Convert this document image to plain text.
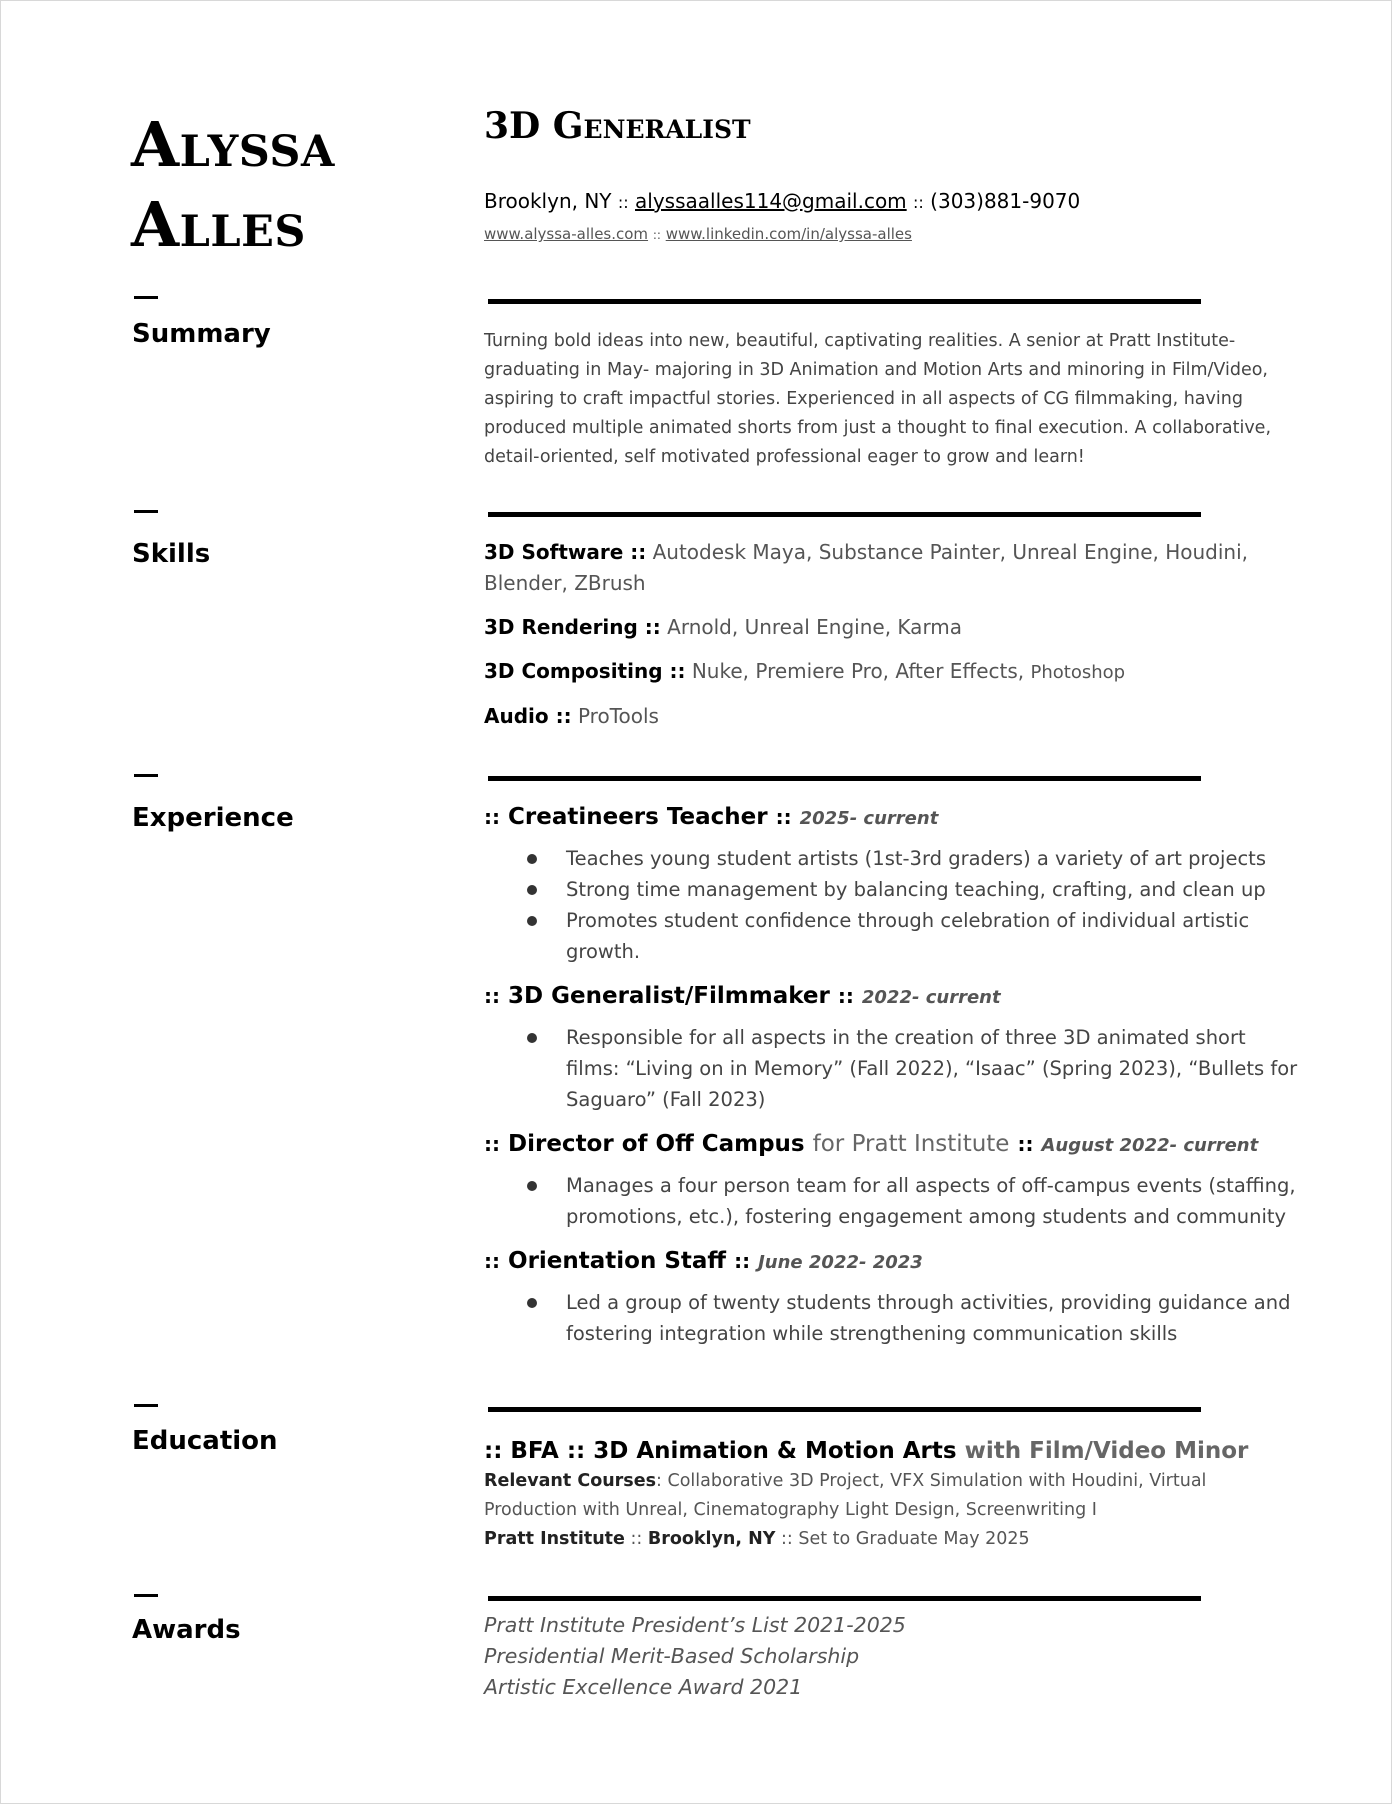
Alyssa
Alles
3D Generalist
Brooklyn, NY :: alyssaalles114@gmail.com :: (303)881-9070
www.alyssa-alles.com :: www.linkedin.com/in/alyssa-alles
Summary	Turning bold ideas into new, beautiful, captivating realities. A senior at Pratt Institute- graduating in May- majoring in 3D Animation and Motion Arts and minoring in Film/Video, aspiring to craft impactful stories. Experienced in all aspects of CG filmmaking, having produced multiple animated shorts from just a thought to final execution. A collaborative, detail-oriented, self motivated professional eager to grow and learn!
Skills	3D Software :: Autodesk Maya, Substance Painter, Unreal Engine, Houdini, Blender, ZBrush
3D Rendering :: Arnold, Unreal Engine, Karma
3D Compositing :: Nuke, Premiere Pro, After Effects, Photoshop
Audio :: ProTools
Experience	:: Creatineers Teacher :: 2025- current
Teaches young student artists (1st-3rd graders) a variety of art projects
Strong time management by balancing teaching, crafting, and clean up
Promotes student confidence through celebration of individual artistic growth.
:: 3D Generalist/Filmmaker :: 2022- current
Responsible for all aspects in the creation of three 3D animated short films: “Living on in Memory” (Fall 2022), “Isaac” (Spring 2023), “Bullets for Saguaro” (Fall 2023)
:: Director of Off Campus for Pratt Institute :: August 2022- current
Manages a four person team for all aspects of off-campus events (staffing, promotions, etc.), fostering engagement among students and community
:: Orientation Staff :: June 2022- 2023
Led a group of twenty students through activities, providing guidance and fostering integration while strengthening communication skills
Education	:: BFA :: 3D Animation & Motion Arts with Film/Video Minor
Relevant Courses: Collaborative 3D Project, VFX Simulation with Houdini, Virtual Production with Unreal, Cinematography Light Design, Screenwriting I
Pratt Institute :: Brooklyn, NY :: Set to Graduate May 2025
Awards	Pratt Institute President’s List 2021-2025
Presidential Merit-Based Scholarship
Artistic Excellence Award 2021
